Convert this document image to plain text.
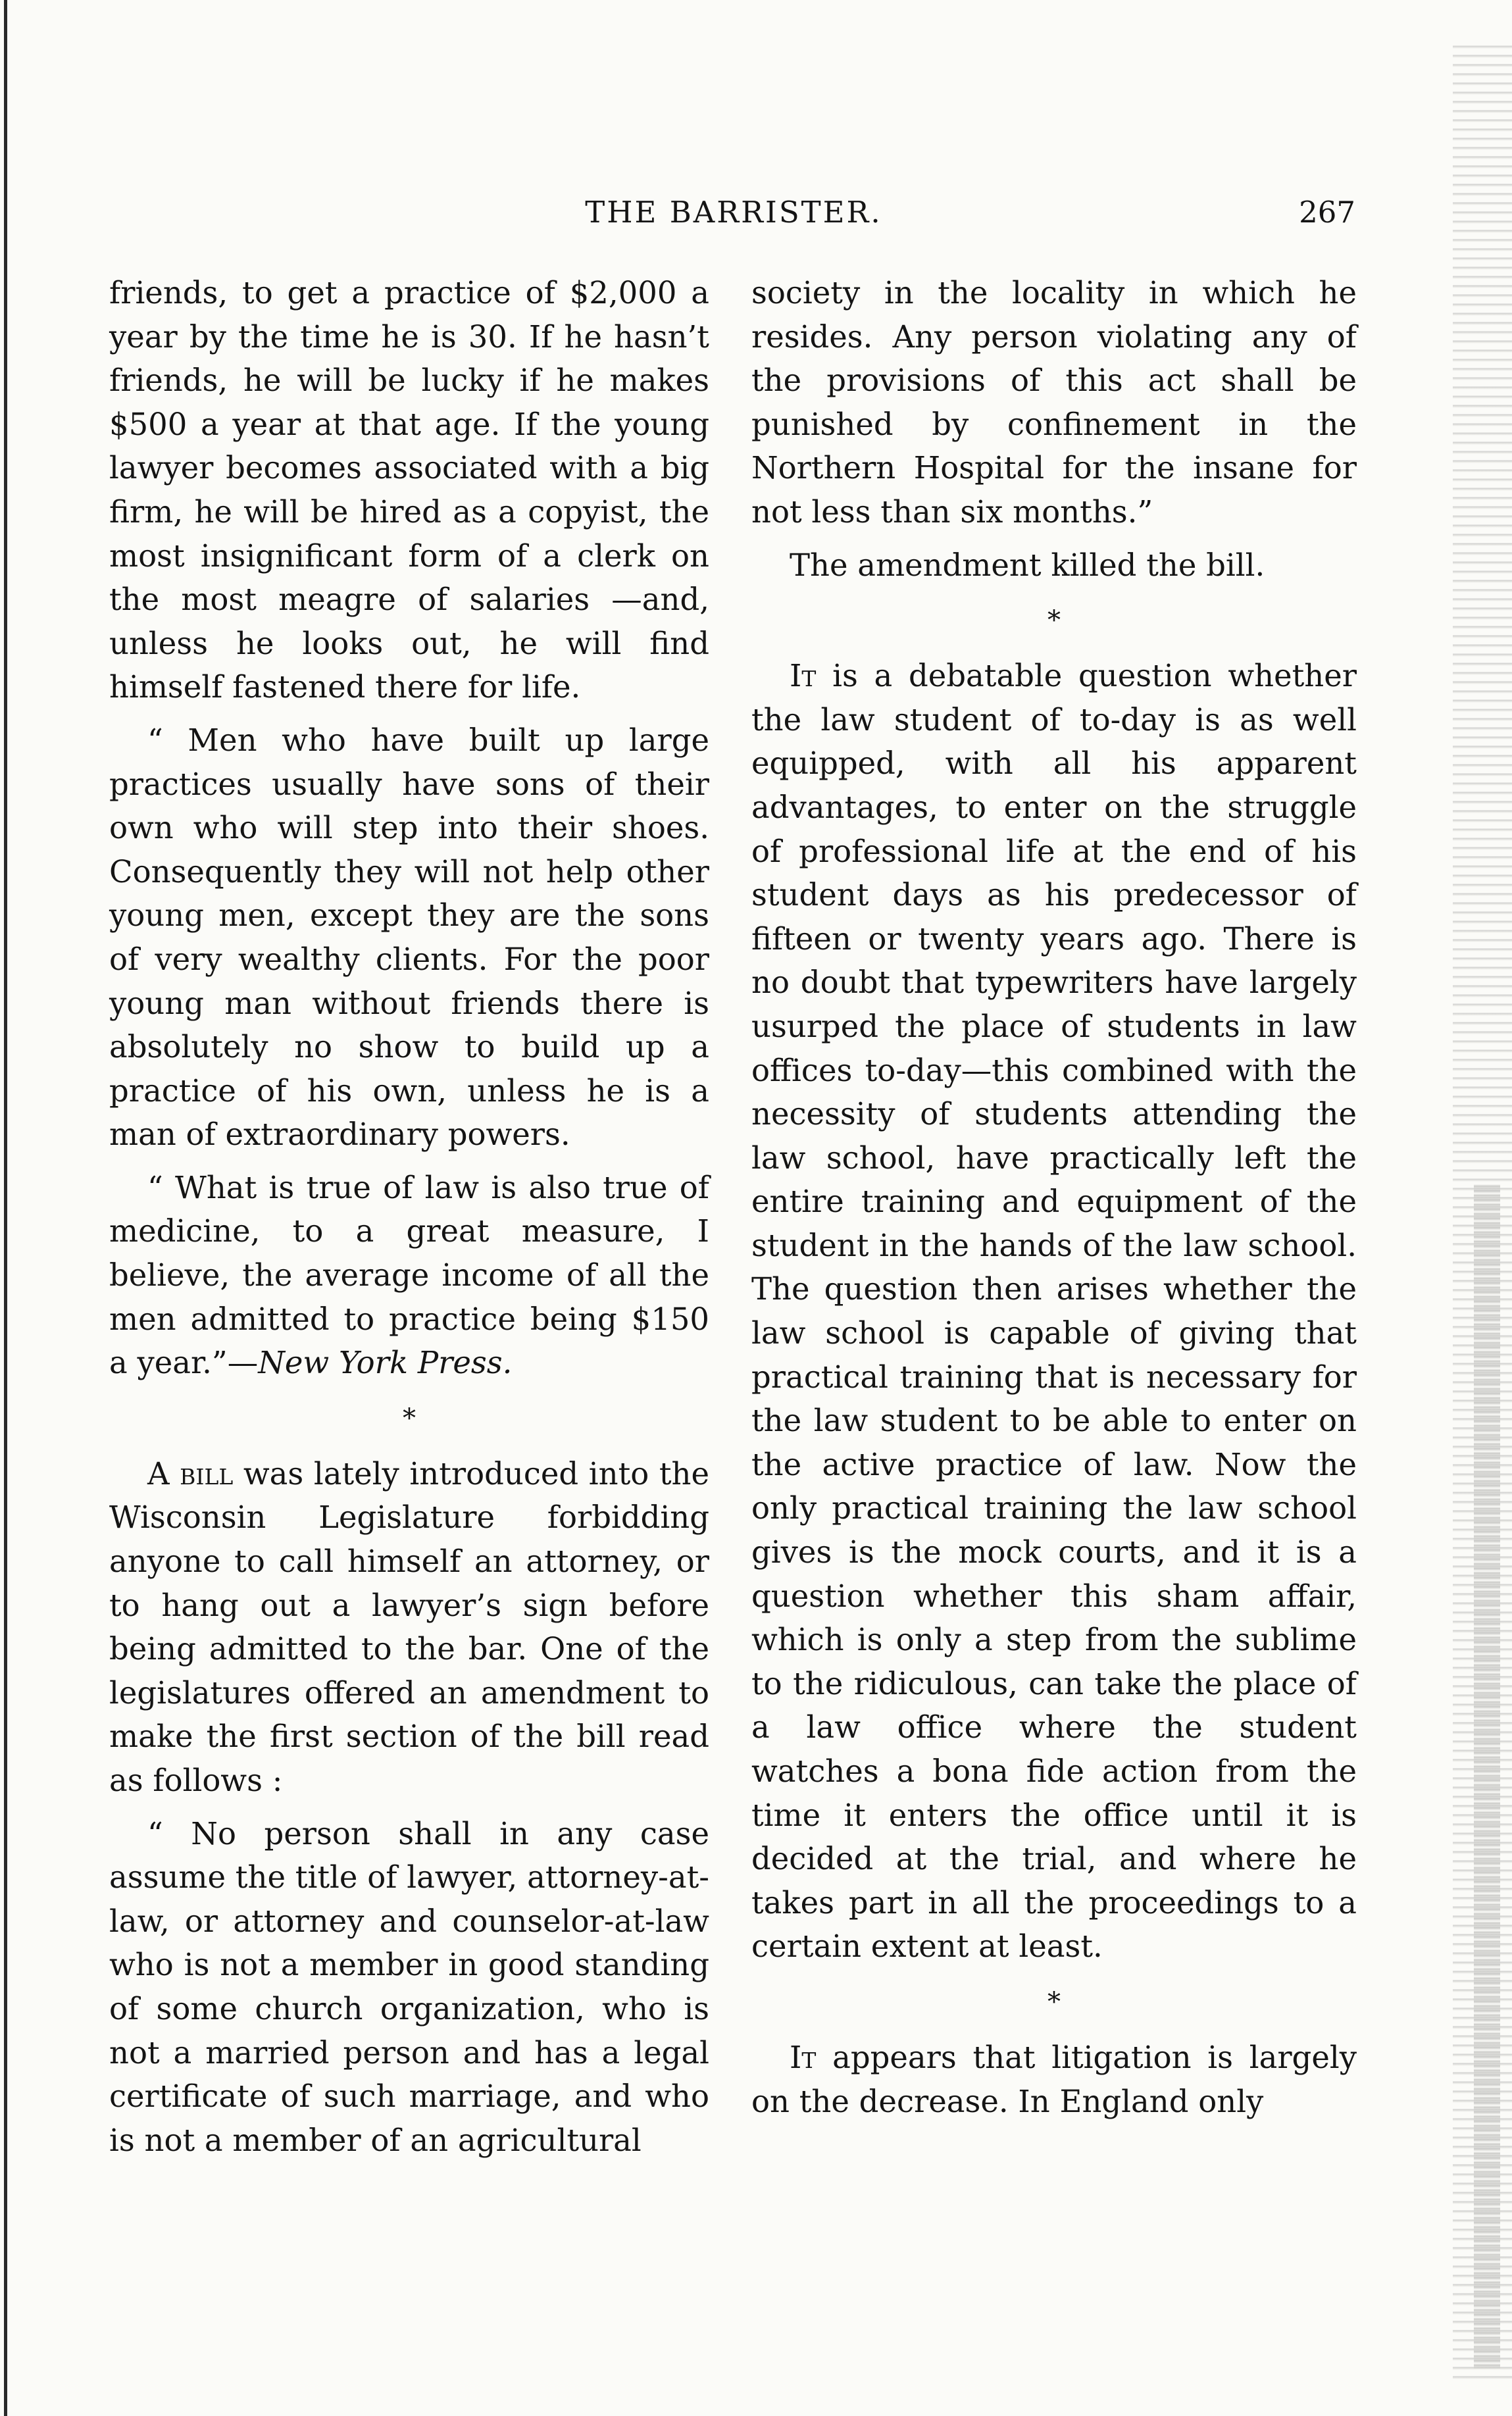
THE BARRISTER.	267

friends, to get a practice of $2,000 a year by the time he is 30. If he hasn’t friends, he will be lucky if he makes $500 a year at that age. If the young lawyer becomes associated with a big firm, he will be hired as a copyist, the most insignificant form of a clerk on the most meagre of salaries —and, unless he looks out, he will find himself fastened there for life.

“ Men who have built up large practices usually have sons of their own who will step into their shoes. Consequently they will not help other young men, except they are the sons of very wealthy clients. For the poor young man without friends there is absolutely no show to build up a practice of his own, unless he is a man of extraordinary powers.

“ What is true of law is also true of medicine, to a great measure, I believe, the average income of all the men admitted to practice being $150 a year.”—New York Press.

*

A bill was lately introduced into the Wisconsin Legislature forbidding anyone to call himself an attorney, or to hang out a lawyer’s sign before being admitted to the bar. One of the legislatures offered an amendment to make the first section of the bill read as follows :

“ No person shall in any case assume the title of lawyer, attorney-at-law, or attorney and counselor-at-law who is not a member in good standing of some church organization, who is not a married person and has a legal certificate of such marriage, and who is not a member of an agricultural

society in the locality in which he resides. Any person violating any of the provisions of this act shall be punished by confinement in the Northern Hospital for the insane for not less than six months.”

The amendment killed the bill.

*

It is a debatable question whether the law student of to-day is as well equipped, with all his apparent advantages, to enter on the struggle of professional life at the end of his student days as his predecessor of fifteen or twenty years ago. There is no doubt that typewriters have largely usurped the place of students in law offices to-day—this combined with the necessity of students attending the law school, have practically left the entire training and equipment of the student in the hands of the law school. The question then arises whether the law school is capable of giving that practical training that is necessary for the law student to be able to enter on the active practice of law. Now the only practical training the law school gives is the mock courts, and it is a question whether this sham affair, which is only a step from the sublime to the ridiculous, can take the place of a law office where the student watches a bona fide action from the time it enters the office until it is decided at the trial, and where he takes part in all the proceedings to a certain extent at least.

*

It appears that litigation is largely on the decrease. In England only
